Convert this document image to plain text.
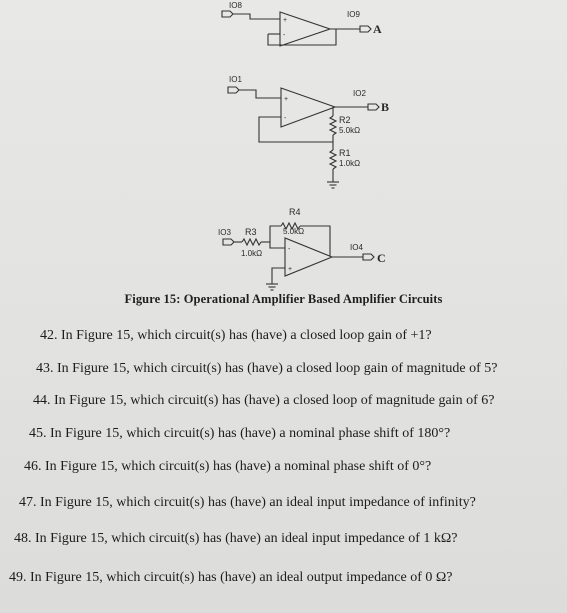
+
-
+
-
-
+
IO8
IO9
A
IO1
IO2
B
R2
5.0kΩ
R1
1.0kΩ
IO3 R3
1.0kΩ
R4
5.0kΩ
IO4
C
Figure 15: Operational Amplifier Based Amplifier Circuits
42. In Figure 15, which circuit(s) has (have) a closed loop gain of +1?
43. In Figure 15, which circuit(s) has (have) a closed loop gain of magnitude of 5?
44. In Figure 15, which circuit(s) has (have) a closed loop of magnitude gain of 6?
45. In Figure 15, which circuit(s) has (have) a nominal phase shift of 180°?
46. In Figure 15, which circuit(s) has (have) a nominal phase shift of 0°?
47. In Figure 15, which circuit(s) has (have) an ideal input impedance of infinity?
48. In Figure 15, which circuit(s) has (have) an ideal input impedance of 1 kΩ?
49. In Figure 15, which circuit(s) has (have) an ideal output impedance of 0 Ω?
